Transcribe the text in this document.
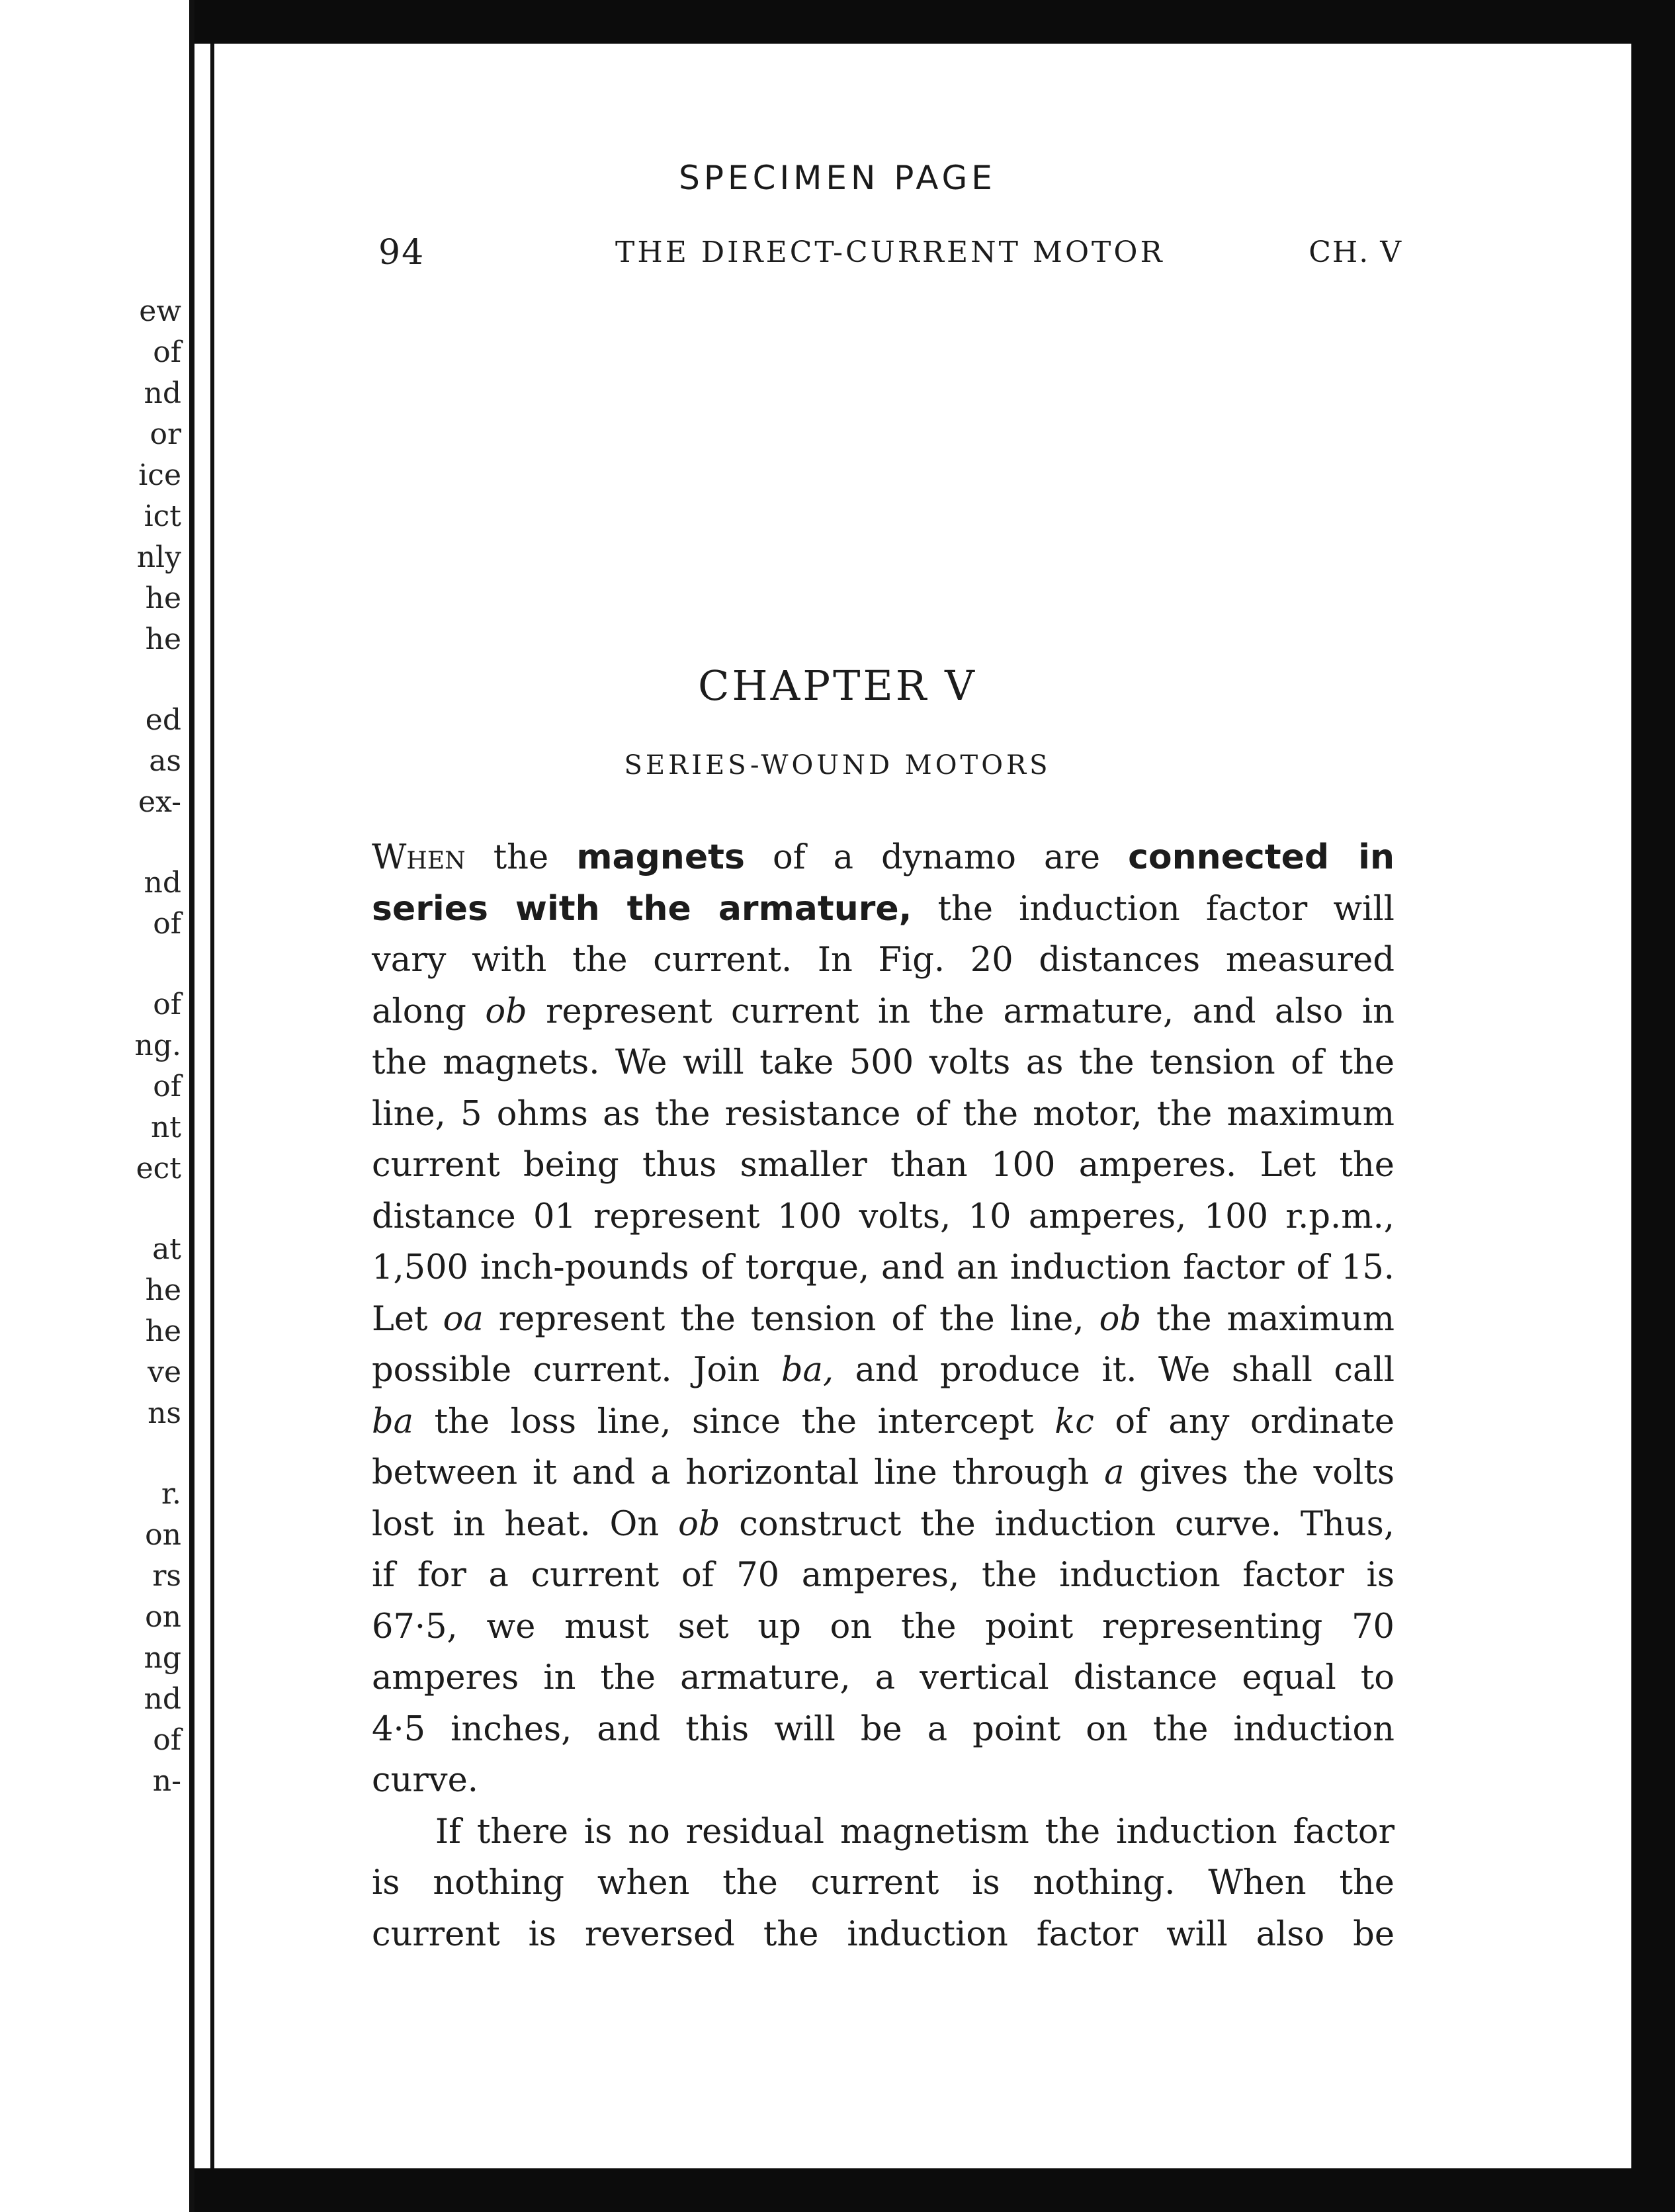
ew
of
nd
or
ice
ict
nly
he
he
ed
as
ex-
nd
of
of
ng.
of
nt
ect
at
he
he
ve
ns
r.
on
rs
on
ng
nd
of
n-
SPECIMEN PAGE
94	THE DIRECT-CURRENT MOTOR	CH. V
CHAPTER V
SERIES-WOUND MOTORS
When the magnets of a dynamo are connected in
series with the armature, the induction factor will
vary with the current. In Fig. 20 distances measured
along ob represent current in the armature, and also in
the magnets. We will take 500 volts as the tension of the
line, 5 ohms as the resistance of the motor, the maximum
current being thus smaller than 100 amperes. Let the
distance 01 represent 100 volts, 10 amperes, 100 r.p.m.,
1,500 inch-pounds of torque, and an induction factor of 15.
Let oa represent the tension of the line, ob the maximum
possible current. Join ba, and produce it. We shall call
ba the loss line, since the intercept kc of any ordinate
between it and a horizontal line through a gives the volts
lost in heat. On ob construct the induction curve. Thus,
if for a current of 70 amperes, the induction factor is
67·5, we must set up on the point representing 70
amperes in the armature, a vertical distance equal to
4·5 inches, and this will be a point on the induction
curve.
If there is no residual magnetism the induction factor
is nothing when the current is nothing. When the
current is reversed the induction factor will also be
